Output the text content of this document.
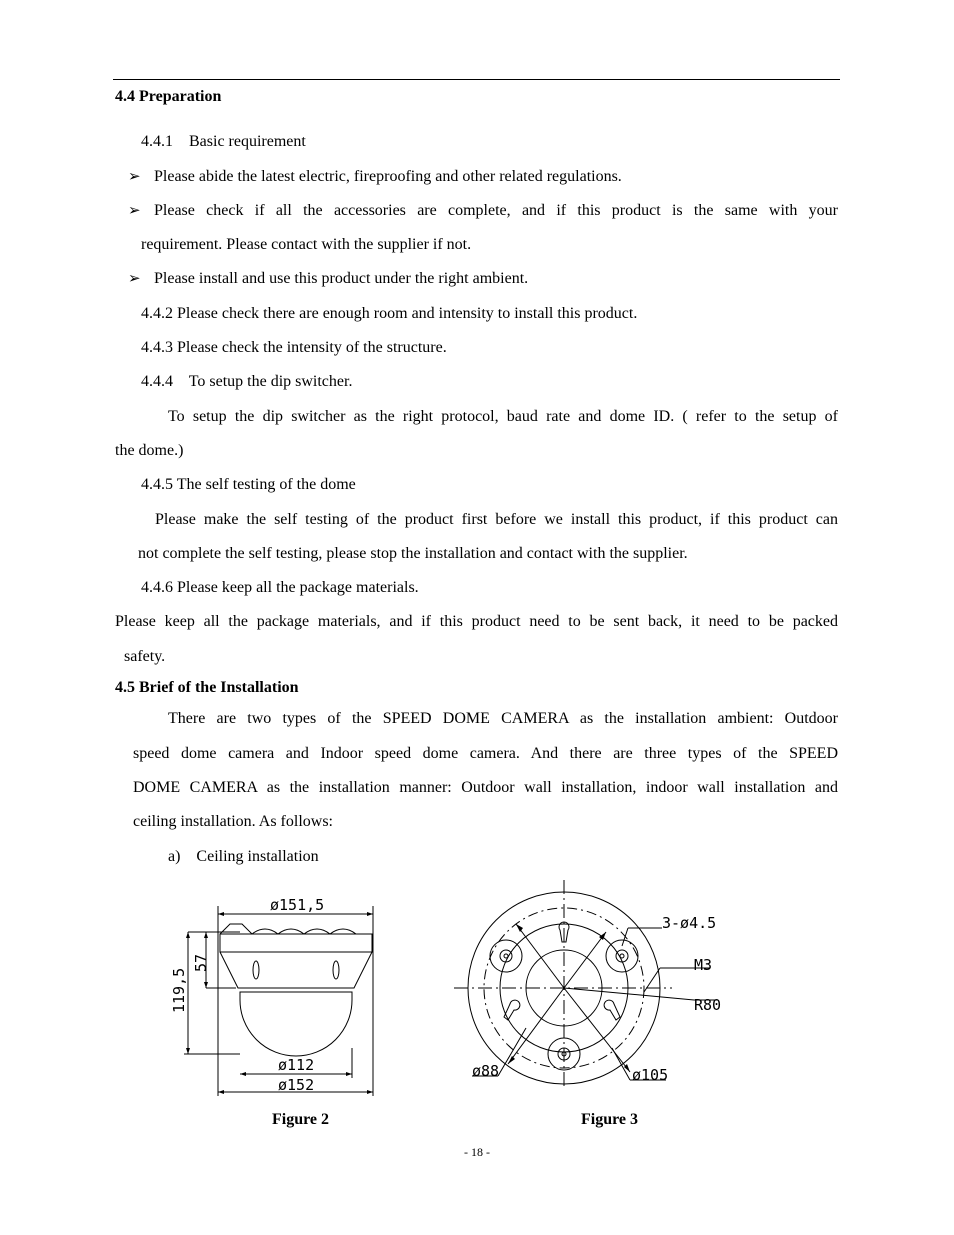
4.4 Preparation
4.4.1    Basic requirement
➢ Please abide the latest electric, fireproofing and other related regulations.
➢ Please check if all the accessories are complete, and if this product is the same with your
requirement. Please contact with the supplier if not.
➢ Please install and use this product under the right ambient.
4.4.2 Please check there are enough room and intensity to install this product.
4.4.3 Please check the intensity of the structure.
4.4.4    To setup the dip switcher.
To setup the dip switcher as the right protocol, baud rate and dome ID. ( refer to the setup of
the dome.)
4.4.5 The self testing of the dome
Please make the self testing of the product first before we install this product, if this product can
not complete the self testing, please stop the installation and contact with the supplier.
4.4.6 Please keep all the package materials.
Please keep all the package materials, and if this product need to be sent back, it need to be packed
safety.
4.5 Brief of the Installation
There are two types of the SPEED DOME CAMERA as the installation ambient: Outdoor
speed dome camera and Indoor speed dome camera. And there are three types of the SPEED
DOME CAMERA as the installation manner: Outdoor wall installation, indoor wall installation and
ceiling installation. As follows:
a)    Ceiling installation
ø151,5
57
119,5
ø112
ø152
3-ø4.5
M3
R80
ø88	ø105
Figure 2	Figure 3
- 18 -
